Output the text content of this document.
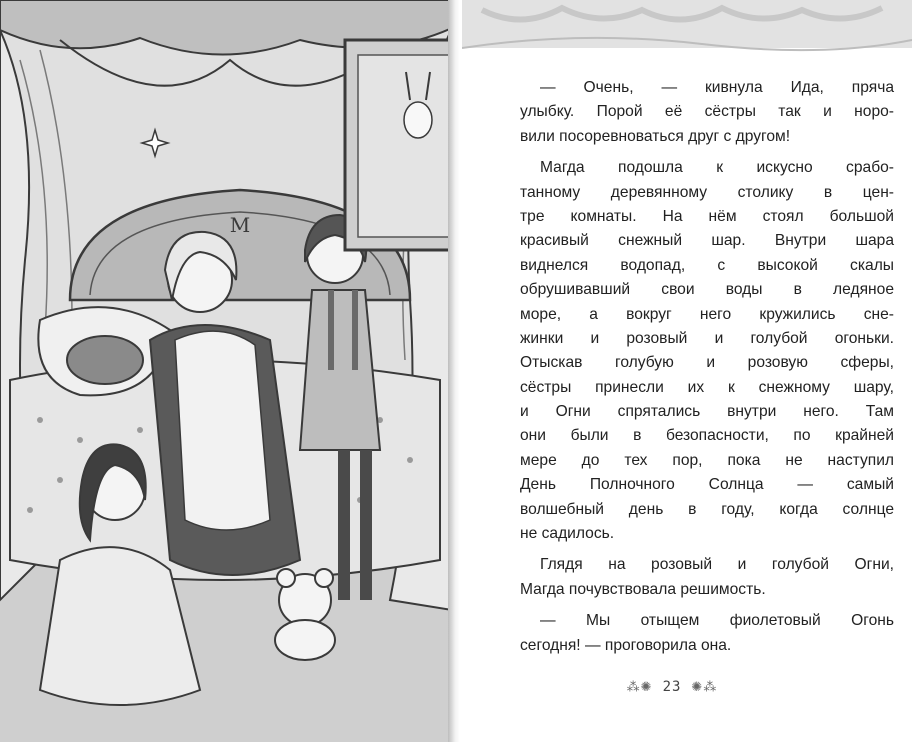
M
— Очень, — кивнула Ида, пряча
улыбку. Порой её сёстры так и норо-
вили посоревноваться друг с другом!
Магда подошла к искусно срабо-
танному деревянному столику в цен-
тре комнаты. На нём стоял большой
красивый снежный шар. Внутри шара
виднелся водопад, с высокой скалы
обрушивавший свои воды в ледяное
море, а вокруг него кружились сне-
жинки и розовый и голубой огоньки.
Отыскав голубую и розовую сферы,
сёстры принесли их к снежному шару,
и Огни спрятались внутри него. Там
они были в безопасности, по крайней
мере до тех пор, пока не наступил
День Полночного Солнца — самый
волшебный день в году, когда солнце
не садилось.
Глядя на розовый и голубой Огни,
Магда почувствовала решимость.
— Мы отыщем фиолетовый Огонь
сегодня! — проговорила она.
⁂✺ 23 ✺⁂
